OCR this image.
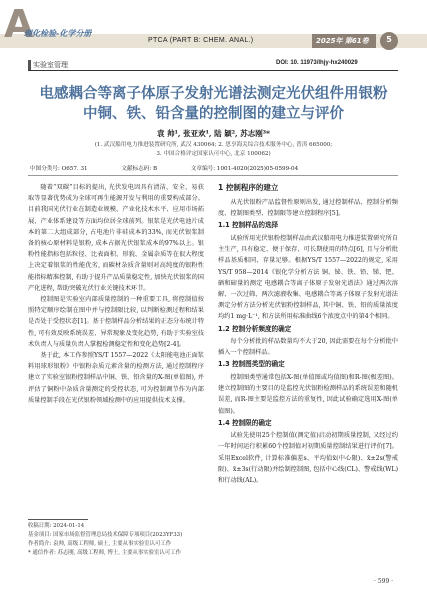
A
理化检验-化学分册
PTCA (PART B: CHEM. ANAL.)	2025年 第61卷	5
实验室管理	DOI: 10. 11973/lhjy-hx240029
电感耦合等离子体原子发射光谱法测定光伏组件用银粉
中铜、铁、铅含量的控制图的建立与评价
袁 帅¹, 张亚欢¹, 陆 颖², 苏志刚³*
(1. 武汉船用电力推进装置研究所, 武汉 430064; 2. 思享海关综合技术服务中心, 普洱 665000;
3. 中国合格评定国家认可中心, 北京 100062)
中图分类号: O657. 31	文献标志码: B	文章编号: 1001-4020(2025)05-0599-04

随着“双碳”目标的提出, 光伏发电因具有清洁、安全、易获取等显著优势成为全球可再生能源开发与利用的重要构成部分。目前我国光伏行业在制造业规模、产业化技术水平、应用市场拓展、产业体系建设等方面均位居全球前列。银浆是光伏电池片成本的第二大组成部分, 占电池片非硅成本的33%, 而光伏银浆制备的核心原材料是银粉, 成本占据光伏银浆成本的97%以上。银粉性能指标包括粒径、比表面积、形貌、金属杂质等在很大程度上决定着银浆的性能优劣, 而碳材杂质含量则对高纯度的银粉性能指标精准控制, 有助于提升产品质量稳定性, 加快光伏银浆的国产化进程, 帮助突破光伏行业关键技术环节。

控制图是实验室内部质量控制的一种重要工具, 将控制值按照特定顺序绘制在图中并与控制限比较, 以判断检测过程和结果是否处于受控状态[1]。基于控制样品分析结果的正态分布统计特性, 可有效反映系统误差、异常现象及变化趋势, 有助于实验室技术负责人与质量负责人掌握检测稳定性和变化趋势[2-4]。

基于此, 本工作参照YS/T 1557—2022《太阳能电池正面浆料用球形银粉》中银粉杂质元素含量的检测方法, 通过控制程序建立了实验室银粉控制样品中铜、铁、铅含量的X-图(单值图), 并评估了铜粉中杂质含量测定的受控状态, 可为控制调节作为内部质量控制手段在光伏银粉领域检测中的应用提供技术支撑。

收稿日期: 2024-01-14
基金项目: 国家市场监督管理总局技术保障专项项目(2023YF33)
作者简介: 袁帅, 高级工程师, 硕士, 主要从事实验室认可工作
* 通信作者: 苏志刚, 高级工程师, 博士, 主要从事实验室认可工作
1 控制程序的建立

从光伏银粉产品监督性原则出发, 通过控制样品、控制分析频度、控制图类型、控制限等建立控制程序[5]。

1.1 控制样品的选择

试验所用光伏银粉控制样品由武汉船用电力推进装置研究所自主生产, 具有稳定、便于保存、可长期使用的特点[6], 且与分析批样品基质相同、存量足够。根据YS/T 1557—2022的规定, 采用YS/T 958—2014《银化学分析方法 铜、铋、铁、铅、锑、钯、硒和碲量的测定 电感耦合等离子体原子发射光谱法》通过两次溶解、一次过筛、两次滤液收集、电感耦合等离子体原子发射光谱法测定分析方法分析光伏银粉控制样品, 其中铜、铁、铅的质量浓度均约1 mg·L⁻¹, 和方法所用标准曲线6个浓度点中的第4个相同。

1.2 控制分析频度的确定

每个分析批的样品数量均不大于20, 因此需要在每个分析批中插入一个控制样品。

1.3 控制图类型的确定

控制图类型通常包括X-图(单值图或均值图)和R-图(极差图)。建立控制图的主要目的是监控光伏银粉检测样品的系统误差和随机误差, 而R-图主要是监控方法的重复性, 因此试验确定选用X-图(单值图)。

1.4 控制限的确定

试验先使用25个控制值(测定值)启动初期质量控制, 又经过约一年时间运行积累60个控制值对初期质量控制结果进行评价[7]。采用Excel软件, 计算标准偏差s、平均值x̄(中心限)、x̄±2s(警戒限)、x̄±3s(行动限)并绘制控制图, 包括中心线(CL)、警戒线(WL)和行动线(AL)。

· 599 ·
